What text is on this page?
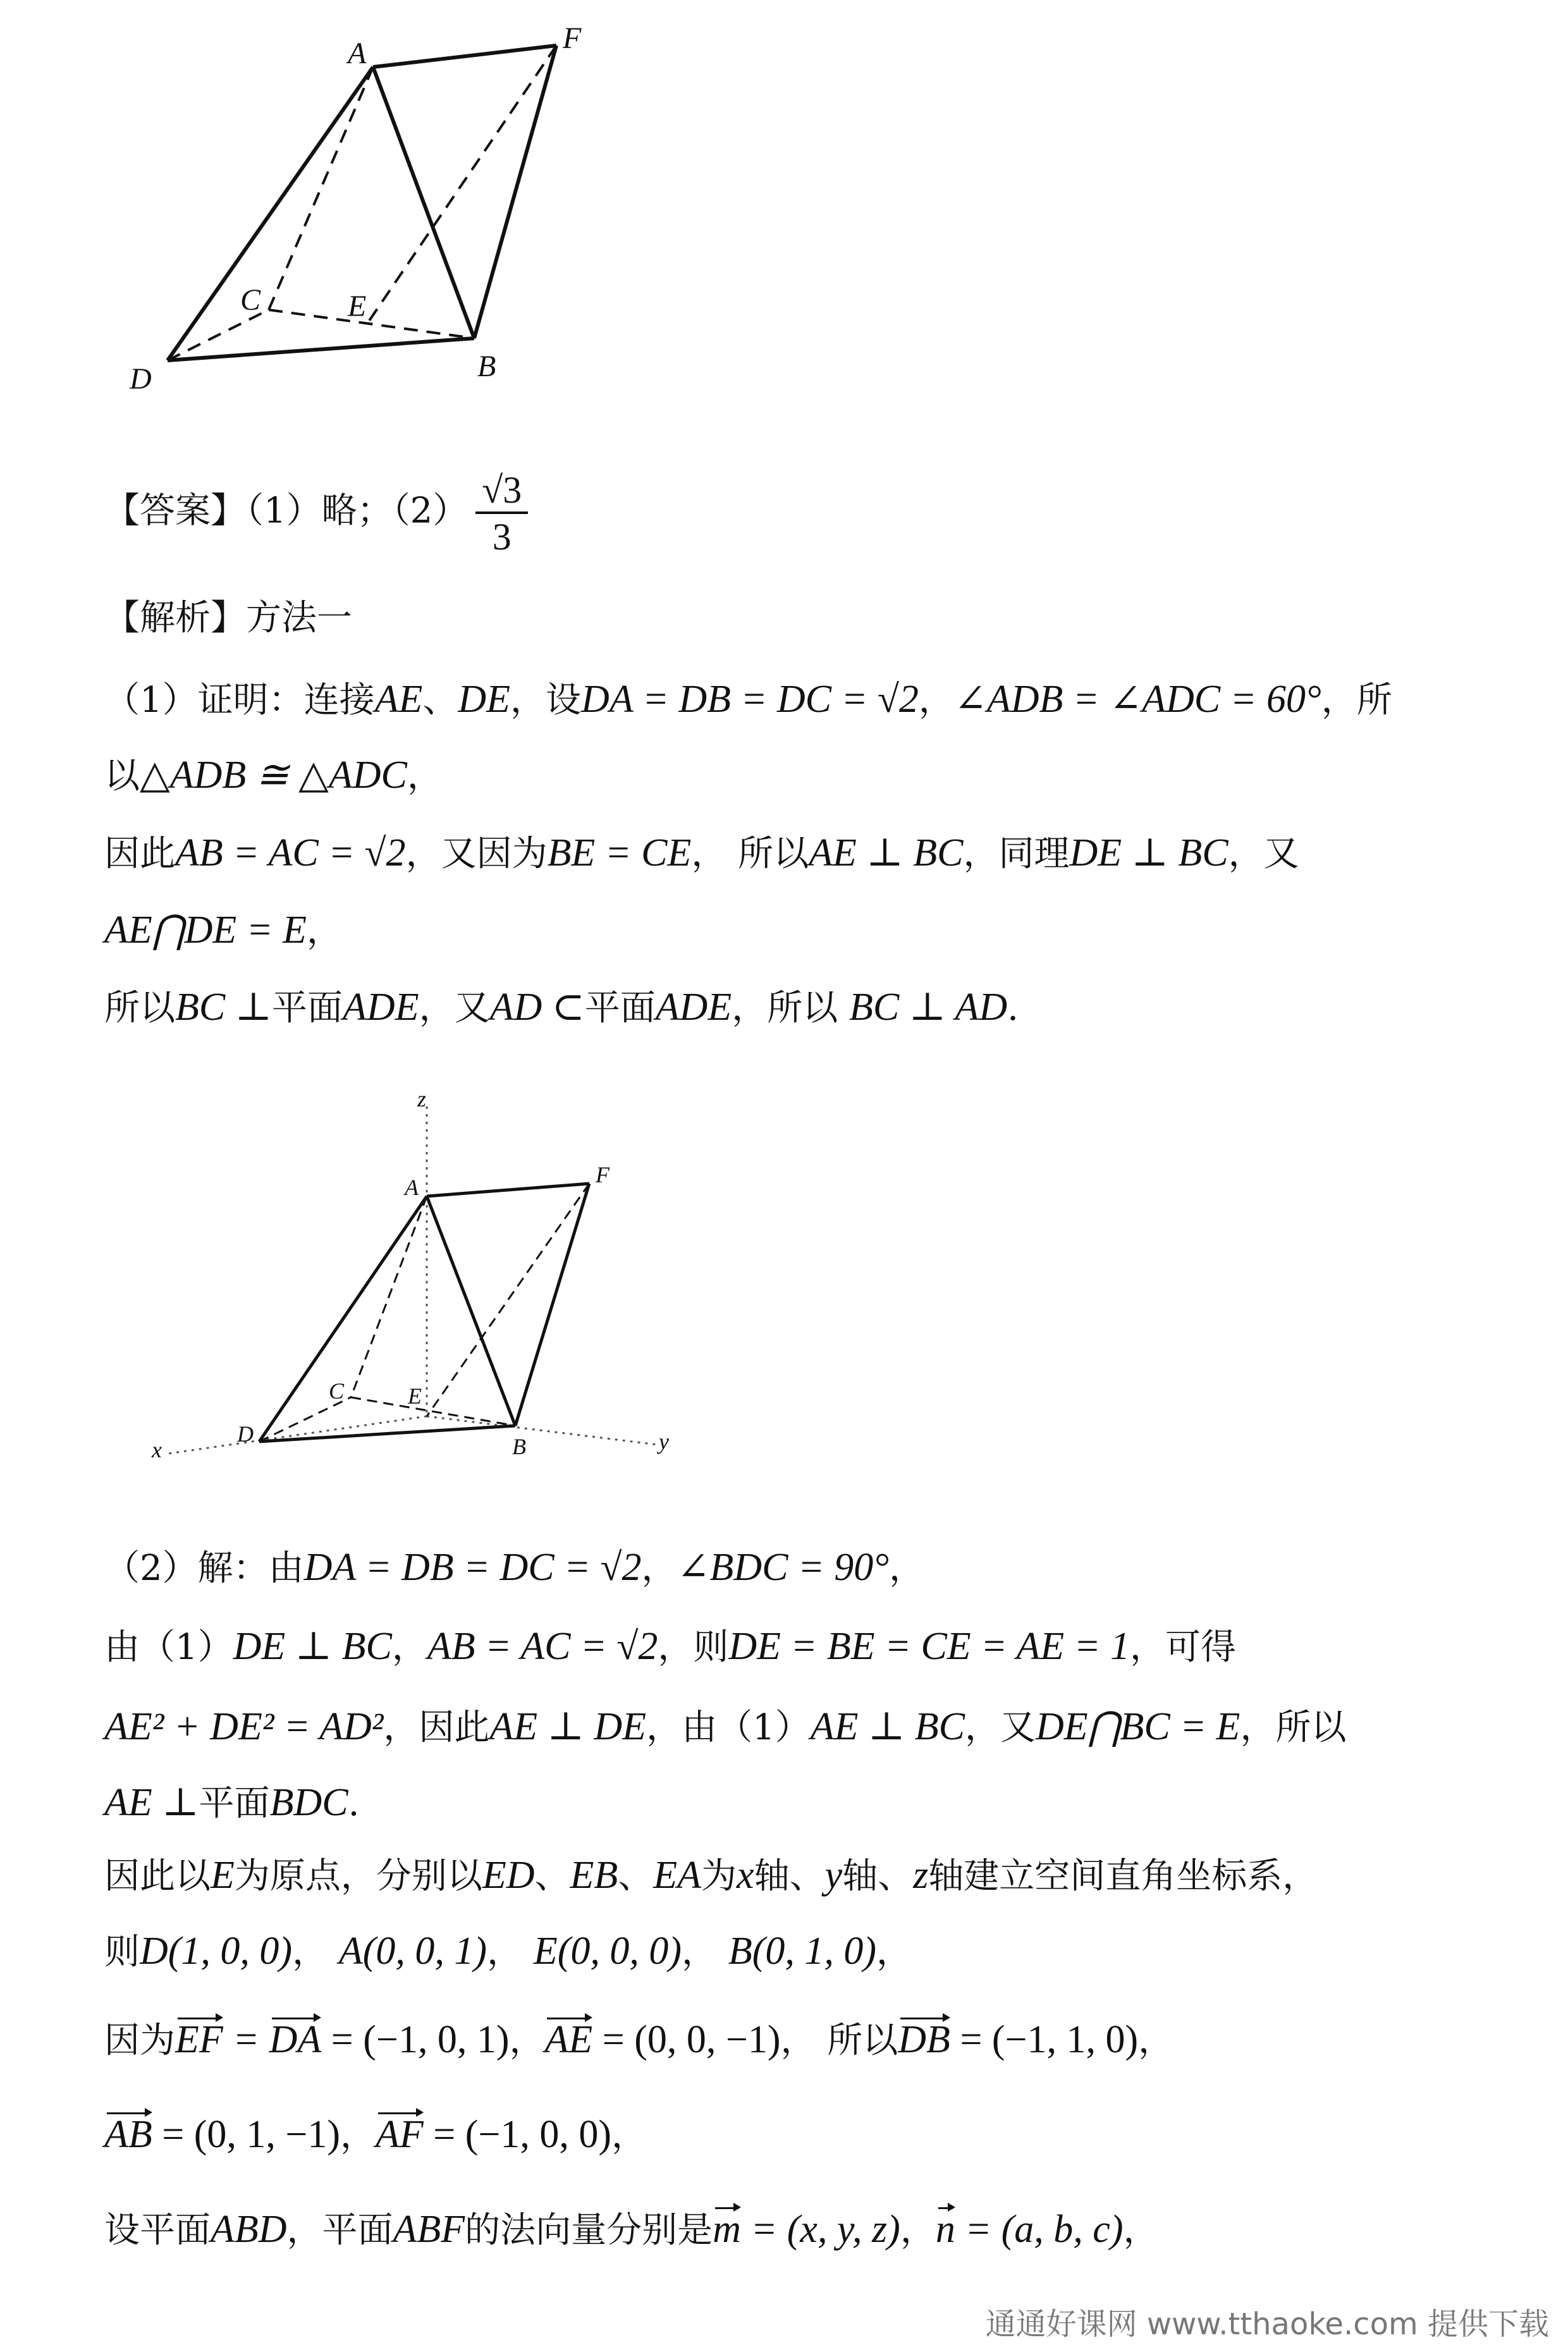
A	F
C	E
D	B
【答案】（1）略；$(2) \frac{√3}{3}$
【解析】方法一
（1）证明：连接AE、DE，设DA = DB = DC = √2，∠ADB = ∠ADC = 60°，所
以△ADB ≅ △ADC，
因此AB = AC = √2，又因为BE = CE， 所以AE ⊥ BC，同理DE ⊥ BC，又
AE⋂DE = E，
所以BC ⊥平面ADE，又AD ⊂平面ADE，所以 BC ⊥ AD.
z
A	F
C	E
D	B
x	y
（2）解：由DA = DB = DC = √2，∠BDC = 90°，
由（1）DE ⊥ BC，AB = AC = √2，则DE = BE = CE = AE = 1，可得
AE² + DE² = AD²，因此AE ⊥ DE，由（1）AE ⊥ BC，又DE⋂BC = E，所以
AE ⊥平面BDC.
因此以E为原点，分别以ED、EB、EA为x轴、y轴、z轴建立空间直角坐标系，
则D(1, 0, 0)， A(0, 0, 1)， E(0, 0, 0)， B(0, 1, 0)，
因为EF = DA = (−1, 0, 1)，AE = (0, 0, −1)， 所以DB = (−1, 1, 0)，
AB = (0, 1, −1)，AF = (−1, 0, 0)，
设平面ABD，平面ABF的法向量分别是m = (x, y, z)，n = (a, b, c)，
通通好课网 www.tthaoke.com 提供下载
